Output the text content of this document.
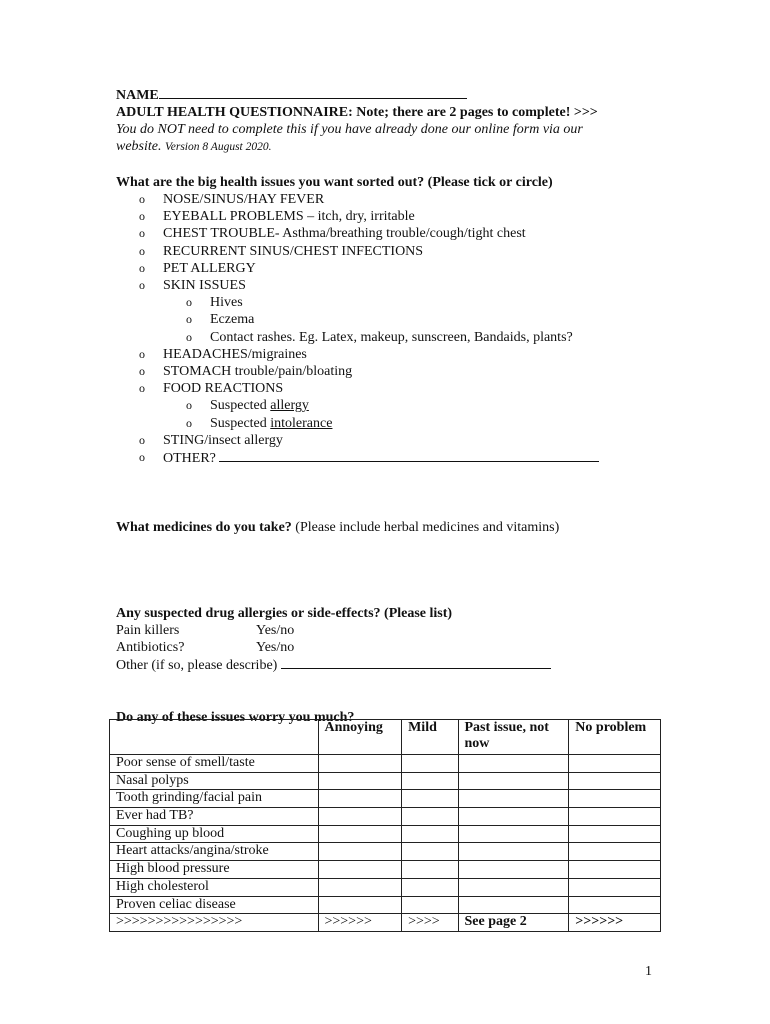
NAME
ADULT HEALTH QUESTIONNAIRE: Note; there are 2 pages to complete! >>>
You do NOT need to complete this if you have already done our online form via our
website. Version 8 August 2020.
What are the big health issues you want sorted out? (Please tick or circle)
o NOSE/SINUS/HAY FEVER
o EYEBALL PROBLEMS – itch, dry, irritable
o CHEST TROUBLE- Asthma/breathing trouble/cough/tight chest
o RECURRENT SINUS/CHEST INFECTIONS
o PET ALLERGY
o SKIN ISSUES
o Hives
o Eczema
o Contact rashes. Eg. Latex, makeup, sunscreen, Bandaids, plants?
o HEADACHES/migraines
o STOMACH trouble/pain/bloating
o FOOD REACTIONS
o Suspected allergy
o Suspected intolerance
o STING/insect allergy
o OTHER?
What medicines do you take? (Please include herbal medicines and vitamins)
Any suspected drug allergies or side-effects? (Please list)
Pain killers	Yes/no
Antibiotics?	Yes/no
Other (if so, please describe)
Do any of these issues worry you much?
	Annoying	Mild	Past issue, not now	No problem
Poor sense of smell/taste				
Nasal polyps				
Tooth grinding/facial pain				
Ever had TB?				
Coughing up blood				
Heart attacks/angina/stroke				
High blood pressure				
High cholesterol				
Proven celiac disease				
>>>>>>>>>>>>>>>>	>>>>>>	>>>>	See page 2	>>>>>>
1
